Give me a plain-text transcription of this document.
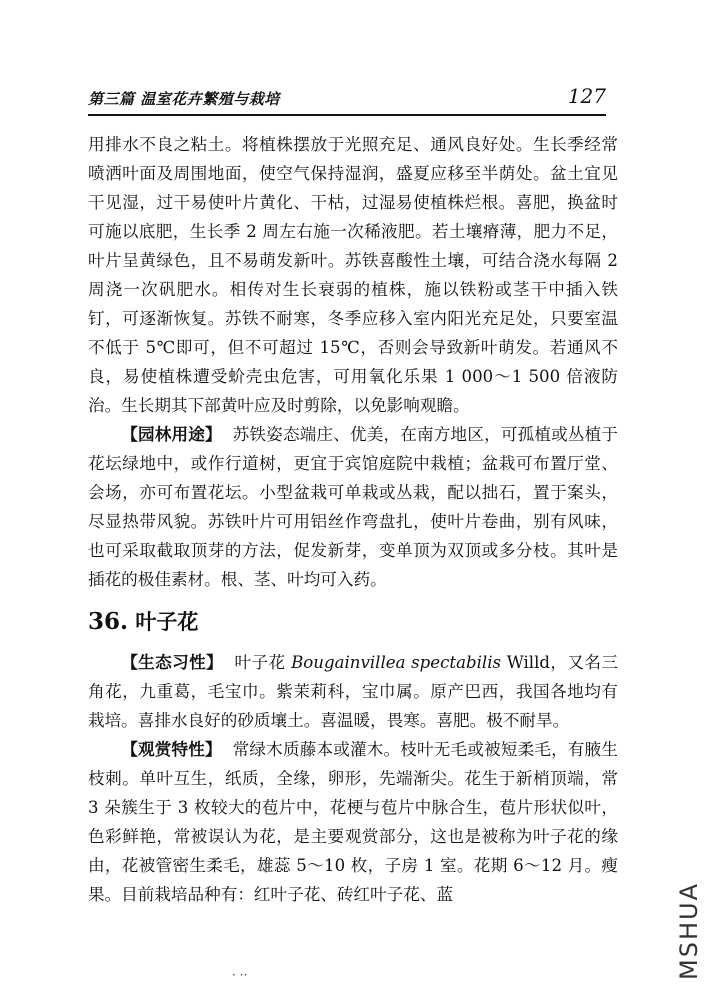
第三篇 温室花卉繁殖与栽培	127

用排水不良之粘土。将植株摆放于光照充足、通风良好处。生长季经常喷洒叶面及周围地面，使空气保持湿润，盛夏应移至半荫处。盆土宜见干见湿，过干易使叶片黄化、干枯，过湿易使植株烂根。喜肥，换盆时可施以底肥，生长季 2 周左右施一次稀液肥。若土壤瘠薄，肥力不足，叶片呈黄绿色，且不易萌发新叶。苏铁喜酸性土壤，可结合浇水每隔 2 周浇一次矾肥水。相传对生长衰弱的植株，施以铁粉或茎干中插入铁钉，可逐渐恢复。苏铁不耐寒，冬季应移入室内阳光充足处，只要室温不低于 5℃即可，但不可超过 15℃，否则会导致新叶萌发。若通风不良，易使植株遭受蚧壳虫危害，可用氧化乐果 1 000～1 500 倍液防治。生长期其下部黄叶应及时剪除，以免影响观瞻。

【园林用途】 苏铁姿态端庄、优美，在南方地区，可孤植或丛植于花坛绿地中，或作行道树，更宜于宾馆庭院中栽植；盆栽可布置厅堂、会场，亦可布置花坛。小型盆栽可单栽或丛栽，配以拙石，置于案头，尽显热带风貌。苏铁叶片可用铝丝作弯盘扎，使叶片卷曲，别有风味，也可采取截取顶芽的方法，促发新芽，变单顶为双顶或多分枝。其叶是插花的极佳素材。根、茎、叶均可入药。

36. 叶子花

【生态习性】 叶子花 Bougainvillea spectabilis Willd，又名三角花，九重葛，毛宝巾。紫茉莉科，宝巾属。原产巴西，我国各地均有栽培。喜排水良好的砂质壤土。喜温暖，畏寒。喜肥。极不耐旱。

【观赏特性】 常绿木质藤本或灌木。枝叶无毛或被短柔毛，有腋生枝刺。单叶互生，纸质，全缘，卵形，先端渐尖。花生于新梢顶端，常 3 朵簇生于 3 枚较大的苞片中，花梗与苞片中脉合生，苞片形状似叶，色彩鲜艳，常被误认为花，是主要观赏部分，这也是被称为叶子花的缘由，花被管密生柔毛，雄蕊 5～10 枚，子房 1 室。花期 6～12 月。瘦果。目前栽培品种有：红叶子花、砖红叶子花、蓝

· ··	MSHUA
